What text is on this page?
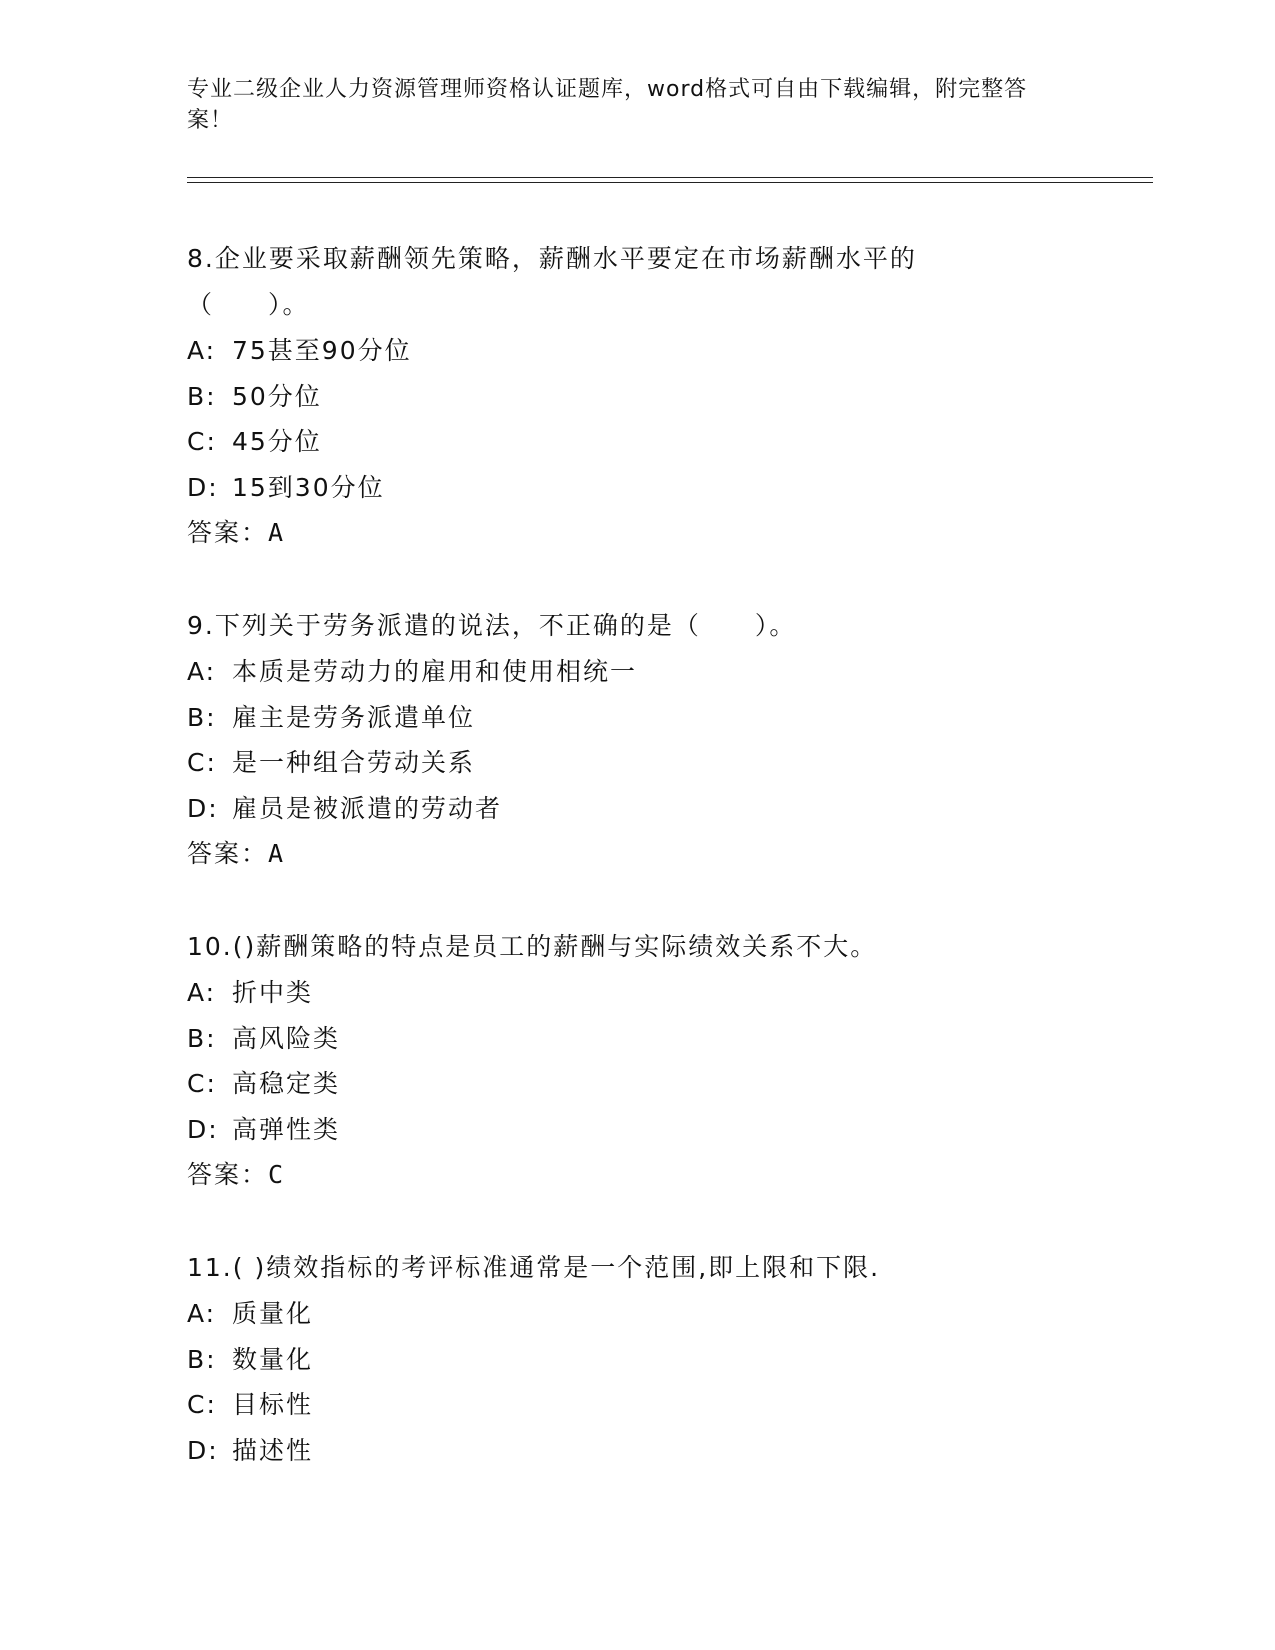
专业二级企业人力资源管理师资格认证题库，word格式可自由下载编辑，附完整答案！
8.企业要采取薪酬领先策略，薪酬水平要定在市场薪酬水平的（　　）。
A: 75甚至90分位
B: 50分位
C: 45分位
D: 15到30分位
答案：A
9.下列关于劳务派遣的说法，不正确的是（　　）。
A: 本质是劳动力的雇用和使用相统一
B: 雇主是劳务派遣单位
C: 是一种组合劳动关系
D: 雇员是被派遣的劳动者
答案：A
10.()薪酬策略的特点是员工的薪酬与实际绩效关系不大。
A: 折中类
B: 高风险类
C: 高稳定类
D: 高弹性类
答案：C
11.( )绩效指标的考评标准通常是一个范围,即上限和下限.
A: 质量化
B: 数量化
C: 目标性
D: 描述性
